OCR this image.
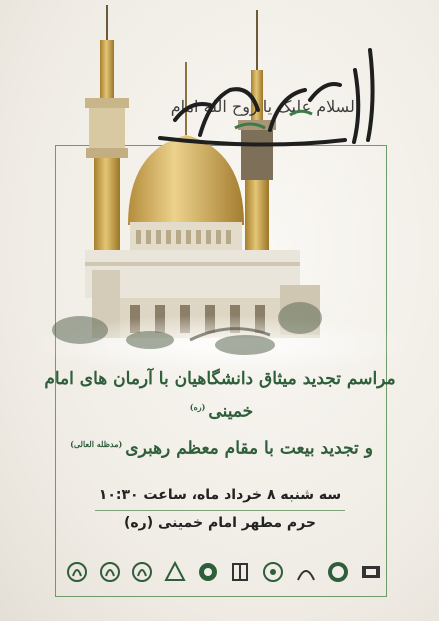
السلام علیک یا روح الله امام
مراسم تجدید میثاق دانشگاهیان با آرمان های امام خمینی$^{(ره)}$
و تجدید بیعت با مقام معظم رهبری$^{(مدظله العالی)}$
سه شنبه ۸ خرداد ماه، ساعت ۱۰:۳۰
حرم مطهر امام خمینی (ره)
